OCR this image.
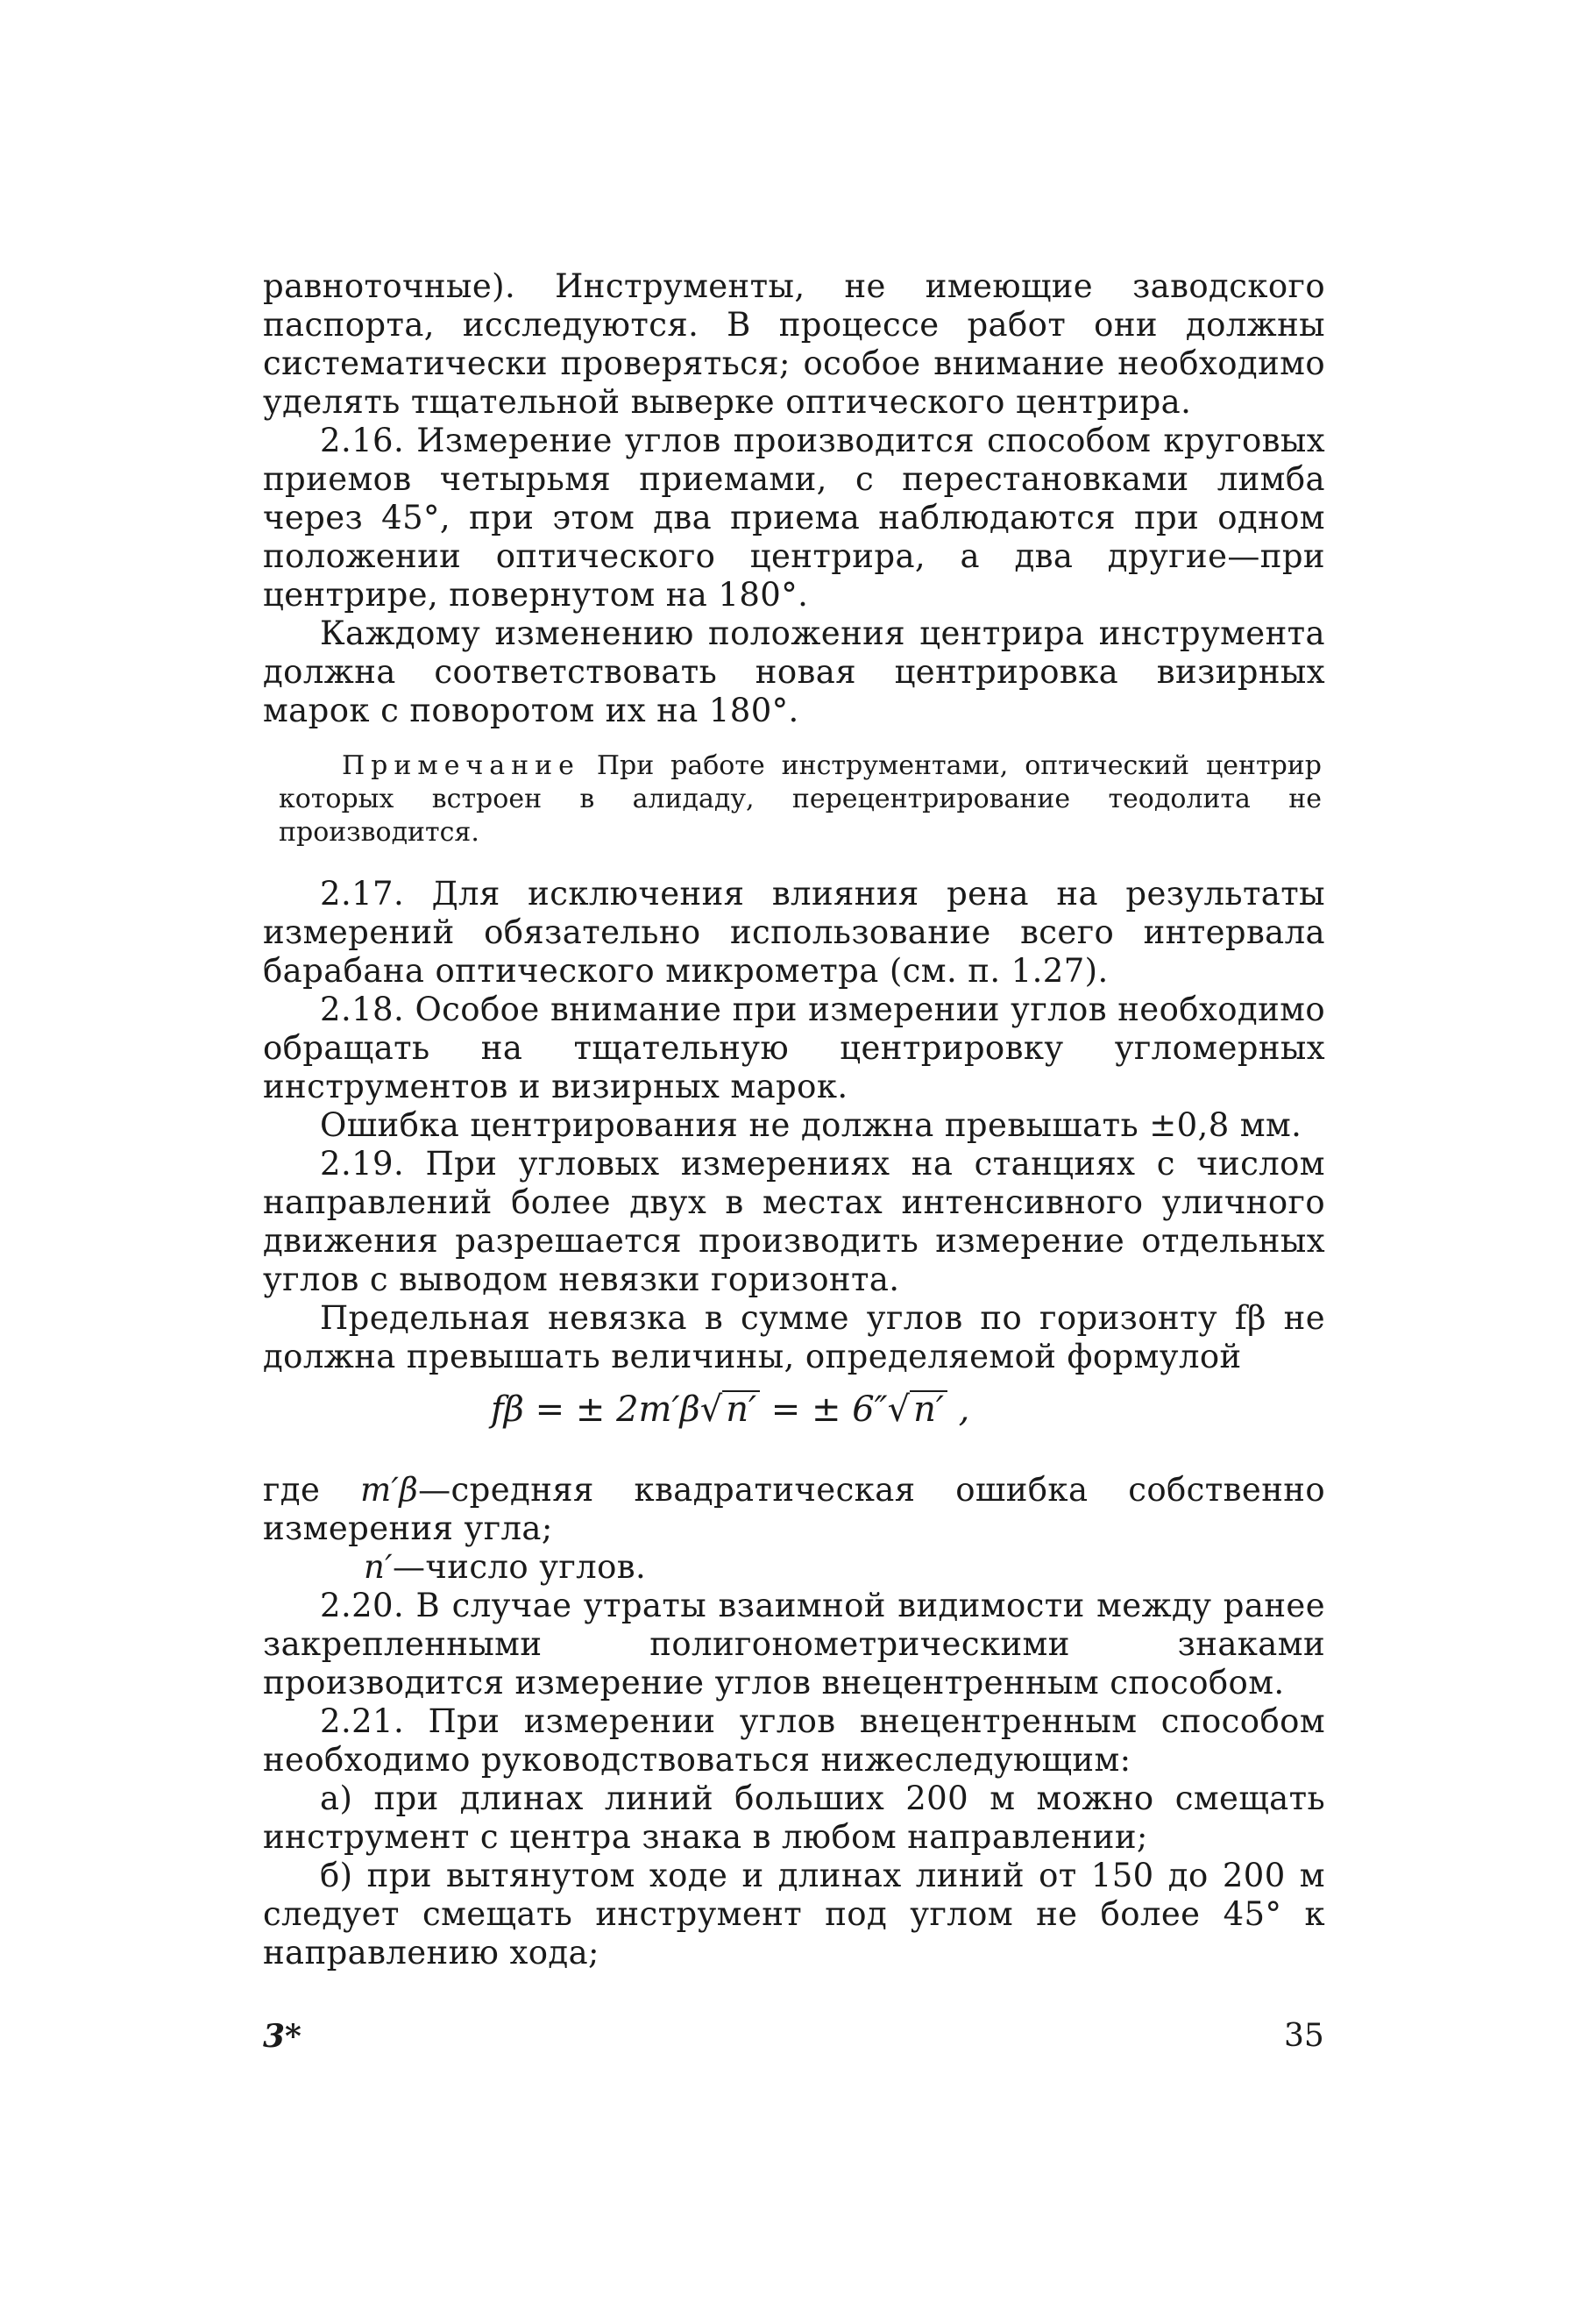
равноточные). Инструменты, не имеющие заводского паспорта, исследуются. В процессе работ они должны систематически проверяться; особое внимание необходимо уделять тщательной выверке оптического центрира.

2.16. Измерение углов производится способом круговых приемов четырьмя приемами, с перестановками лимба через 45°, при этом два приема наблюдаются при одном положении оптического центрира, а два другие—при центрире, повернутом на 180°.

Каждому изменению положения центрира инструмента должна соответствовать новая центрировка визирных марок с поворотом их на 180°.

Примечание При работе инструментами, оптический центрир которых встроен в алидаду, перецентрирование теодолита не производится.

2.17. Для исключения влияния рена на результаты измерений обязательно использование всего интервала барабана оптического микрометра (см. п. 1.27).

2.18. Особое внимание при измерении углов необходимо обращать на тщательную центрировку угломерных инструментов и визирных марок.

Ошибка центрирования не должна превышать ±0,8 мм.

2.19. При угловых измерениях на станциях с числом направлений более двух в местах интенсивного уличного движения разрешается производить измерение отдельных углов с выводом невязки горизонта.

Предельная невязка в сумме углов по горизонту fβ не должна превышать величины, определяемой формулой

fβ = ± 2m′β√ n′ = ± 6″√ n′ ,

где m′β—средняя квадратическая ошибка собственно измерения угла;

n′—число углов.

2.20. В случае утраты взаимной видимости между ранее закрепленными полигонометрическими знаками производится измерение углов внецентренным способом.

2.21. При измерении углов внецентренным способом необходимо руководствоваться нижеследующим:

а) при длинах линий больших 200 м можно смещать инструмент с центра знака в любом направлении;

б) при вытянутом ходе и длинах линий от 150 до 200 м следует смещать инструмент под углом не более 45° к направлению хода;

3*	35
